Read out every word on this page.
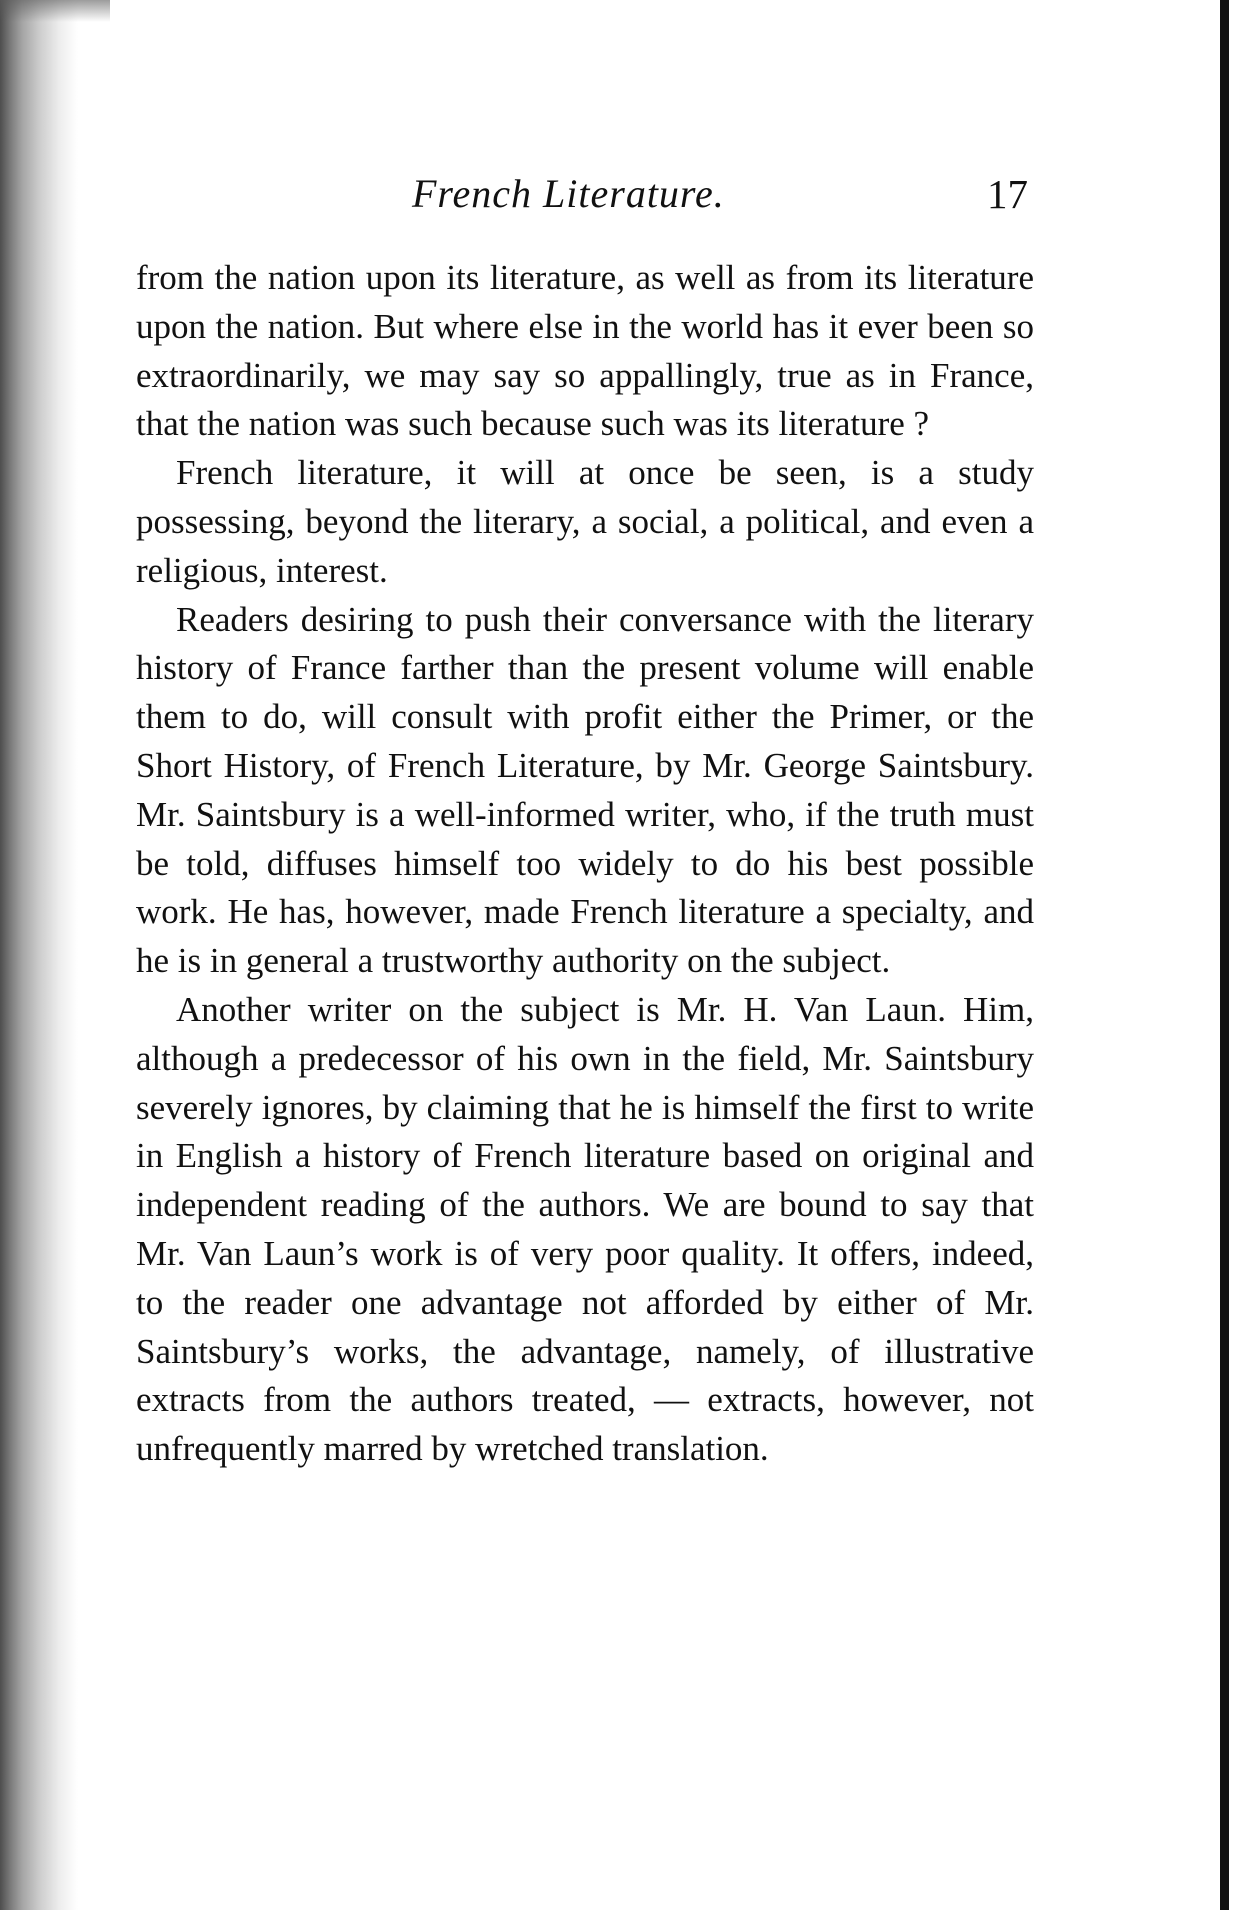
French Literature.	17

from the nation upon its literature, as well as from its literature upon the nation. But where else in the world has it ever been so extraordinarily, we may say so appallingly, true as in France, that the nation was such because such was its literature ?

French literature, it will at once be seen, is a study possessing, beyond the literary, a social, a political, and even a religious, interest.

Readers desiring to push their conversance with the literary history of France farther than the present volume will enable them to do, will consult with profit either the Primer, or the Short History, of French Literature, by Mr. George Saintsbury. Mr. Saintsbury is a well-informed writer, who, if the truth must be told, diffuses himself too widely to do his best possible work. He has, however, made French literature a specialty, and he is in general a trustworthy authority on the subject.

Another writer on the subject is Mr. H. Van Laun. Him, although a predecessor of his own in the field, Mr. Saintsbury severely ignores, by claiming that he is himself the first to write in English a history of French literature based on original and independent reading of the authors. We are bound to say that Mr. Van Laun’s work is of very poor quality. It offers, indeed, to the reader one advantage not afforded by either of Mr. Saintsbury’s works, the advantage, namely, of illustrative extracts from the authors treated, — extracts, however, not unfrequently marred by wretched translation.
